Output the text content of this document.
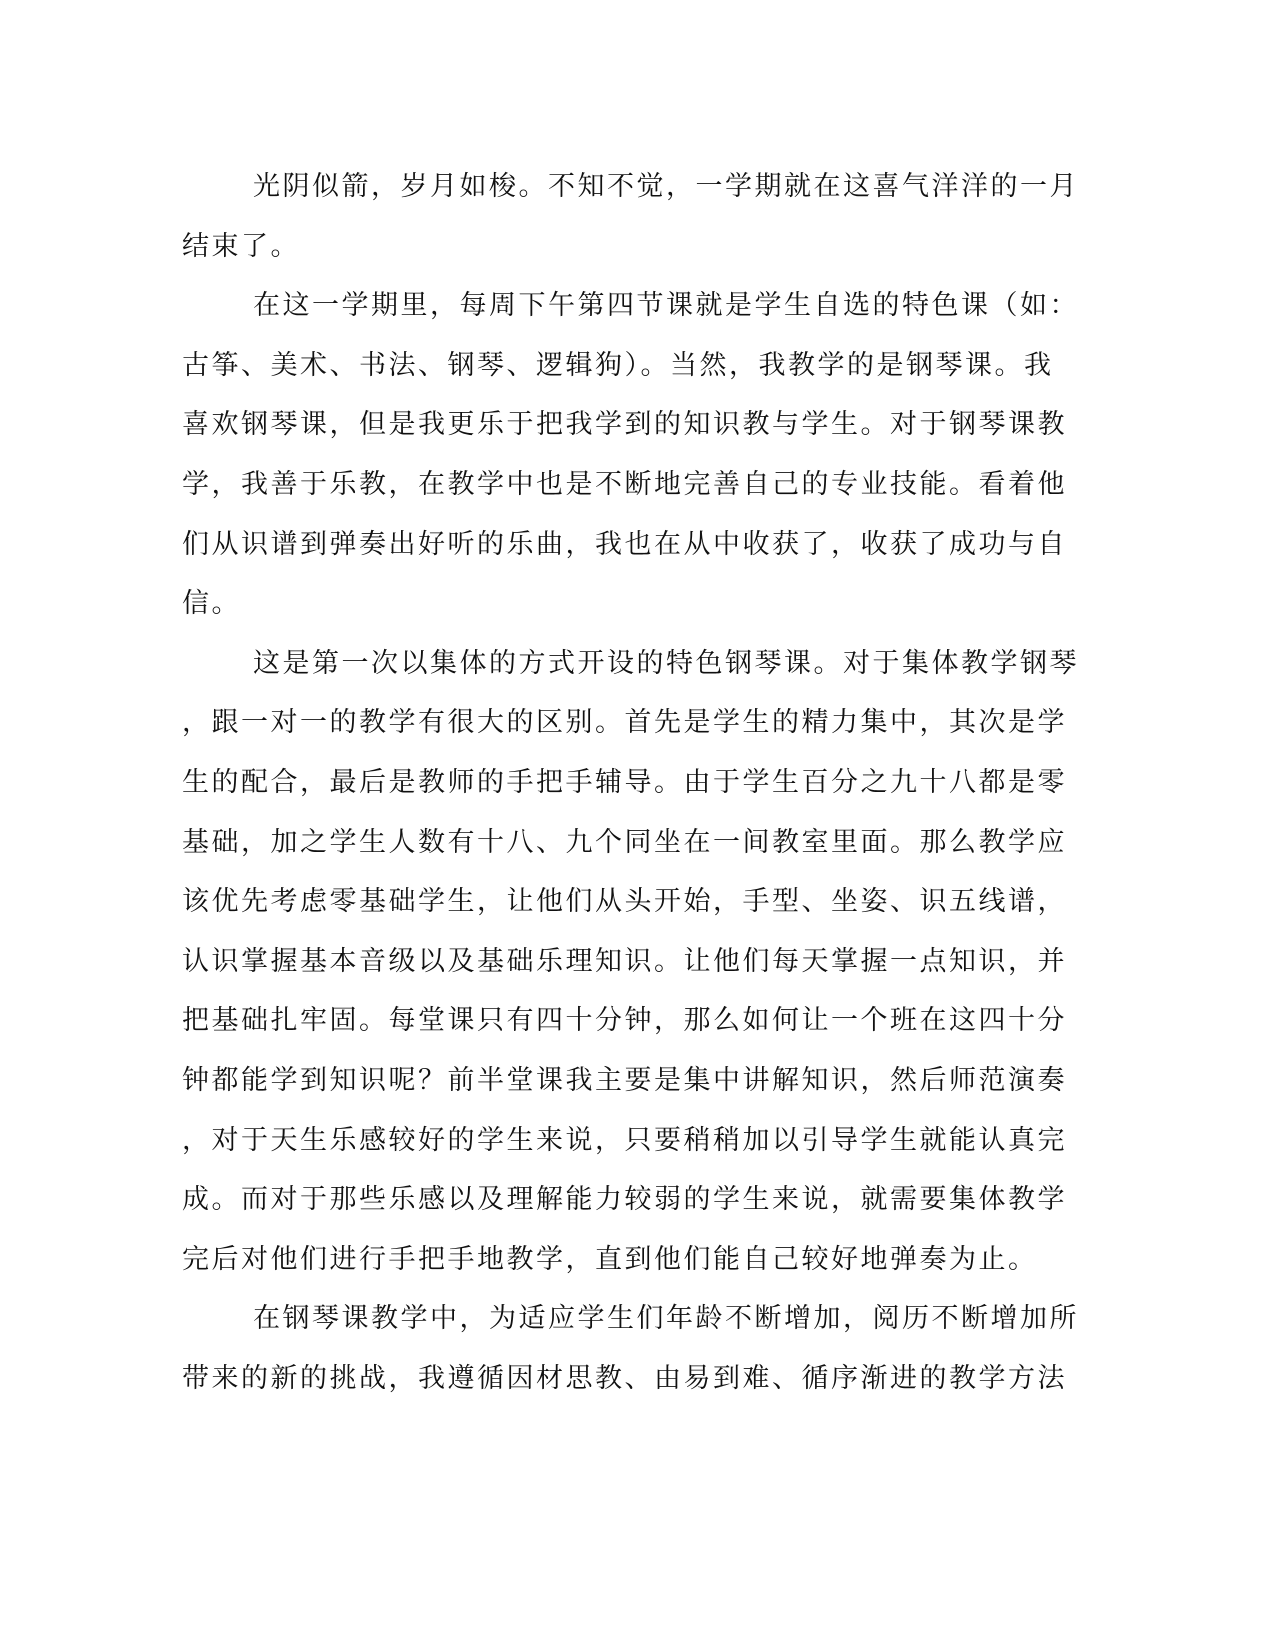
光阴似箭，岁月如梭。不知不觉，一学期就在这喜气洋洋的一月
结束了。
在这一学期里，每周下午第四节课就是学生自选的特色课（如：
古筝、美术、书法、钢琴、逻辑狗）。当然，我教学的是钢琴课。我
喜欢钢琴课，但是我更乐于把我学到的知识教与学生。对于钢琴课教
学，我善于乐教，在教学中也是不断地完善自己的专业技能。看着他
们从识谱到弹奏出好听的乐曲，我也在从中收获了，收获了成功与自
信。
这是第一次以集体的方式开设的特色钢琴课。对于集体教学钢琴
，跟一对一的教学有很大的区别。首先是学生的精力集中，其次是学
生的配合，最后是教师的手把手辅导。由于学生百分之九十八都是零
基础，加之学生人数有十八、九个同坐在一间教室里面。那么教学应
该优先考虑零基础学生，让他们从头开始，手型、坐姿、识五线谱，
认识掌握基本音级以及基础乐理知识。让他们每天掌握一点知识，并
把基础扎牢固。每堂课只有四十分钟，那么如何让一个班在这四十分
钟都能学到知识呢？前半堂课我主要是集中讲解知识，然后师范演奏
，对于天生乐感较好的学生来说，只要稍稍加以引导学生就能认真完
成。而对于那些乐感以及理解能力较弱的学生来说，就需要集体教学
完后对他们进行手把手地教学，直到他们能自己较好地弹奏为止。
在钢琴课教学中，为适应学生们年龄不断增加，阅历不断增加所
带来的新的挑战，我遵循因材思教、由易到难、循序渐进的教学方法
